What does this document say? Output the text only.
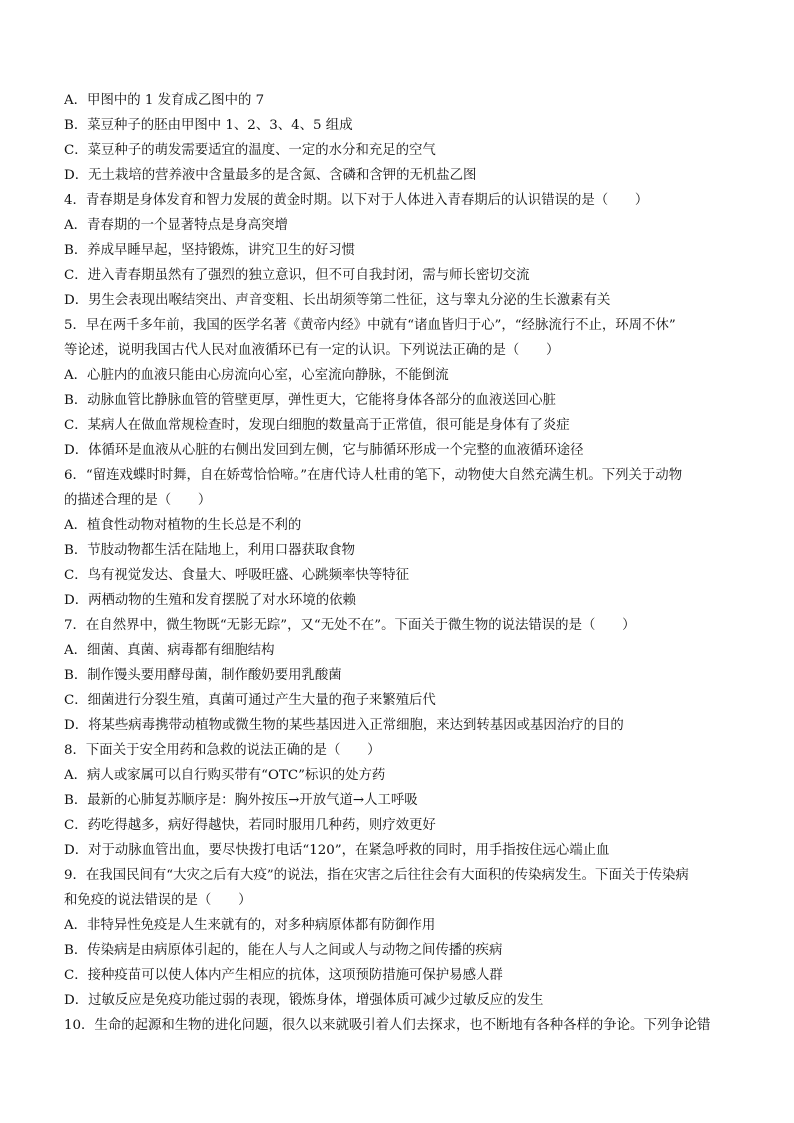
A．甲图中的 1 发育成乙图中的 7
B．菜豆种子的胚由甲图中 1、2、3、4、5 组成
C．菜豆种子的萌发需要适宜的温度、一定的水分和充足的空气
D．无土栽培的营养液中含量最多的是含氮、含磷和含钾的无机盐乙图
4．青春期是身体发育和智力发展的黄金时期。以下对于人体进入青春期后的认识错误的是（　　）
A．青春期的一个显著特点是身高突增
B．养成早睡早起，坚持锻炼，讲究卫生的好习惯
C．进入青春期虽然有了强烈的独立意识，但不可自我封闭，需与师长密切交流
D．男生会表现出喉结突出、声音变粗、长出胡须等第二性征，这与睾丸分泌的生长激素有关
5．早在两千多年前，我国的医学名著《黄帝内经》中就有“诸血皆归于心”，“经脉流行不止，环周不休”
等论述，说明我国古代人民对血液循环已有一定的认识。下列说法正确的是（　　）
A．心脏内的血液只能由心房流向心室，心室流向静脉，不能倒流
B．动脉血管比静脉血管的管壁更厚，弹性更大，它能将身体各部分的血液送回心脏
C．某病人在做血常规检查时，发现白细胞的数量高于正常值，很可能是身体有了炎症
D．体循环是血液从心脏的右侧出发回到左侧，它与肺循环形成一个完整的血液循环途径
6．“留连戏蝶时时舞，自在娇莺恰恰啼。”在唐代诗人杜甫的笔下，动物使大自然充满生机。下列关于动物
的描述合理的是（　　）
A．植食性动物对植物的生长总是不利的
B．节肢动物都生活在陆地上，利用口器获取食物
C．鸟有视觉发达、食量大、呼吸旺盛、心跳频率快等特征
D．两栖动物的生殖和发育摆脱了对水环境的依赖
7．在自然界中，微生物既“无影无踪”，又“无处不在”。下面关于微生物的说法错误的是（　　）
A．细菌、真菌、病毒都有细胞结构
B．制作馒头要用酵母菌，制作酸奶要用乳酸菌
C．细菌进行分裂生殖，真菌可通过产生大量的孢子来繁殖后代
D．将某些病毒携带动植物或微生物的某些基因进入正常细胞，来达到转基因或基因治疗的目的
8．下面关于安全用药和急救的说法正确的是（　　）
A．病人或家属可以自行购买带有“OTC”标识的处方药
B．最新的心肺复苏顺序是：胸外按压→开放气道→人工呼吸
C．药吃得越多，病好得越快，若同时服用几种药，则疗效更好
D．对于动脉血管出血，要尽快拨打电话“120”，在紧急呼救的同时，用手指按住远心端止血
9．在我国民间有“大灾之后有大疫”的说法，指在灾害之后往往会有大面积的传染病发生。下面关于传染病
和免疫的说法错误的是（　　）
A．非特异性免疫是人生来就有的，对多种病原体都有防御作用
B．传染病是由病原体引起的，能在人与人之间或人与动物之间传播的疾病
C．接种疫苗可以使人体内产生相应的抗体，这项预防措施可保护易感人群
D．过敏反应是免疫功能过弱的表现，锻炼身体，增强体质可减少过敏反应的发生
10．生命的起源和生物的进化问题，很久以来就吸引着人们去探求，也不断地有各种各样的争论。下列争论错
